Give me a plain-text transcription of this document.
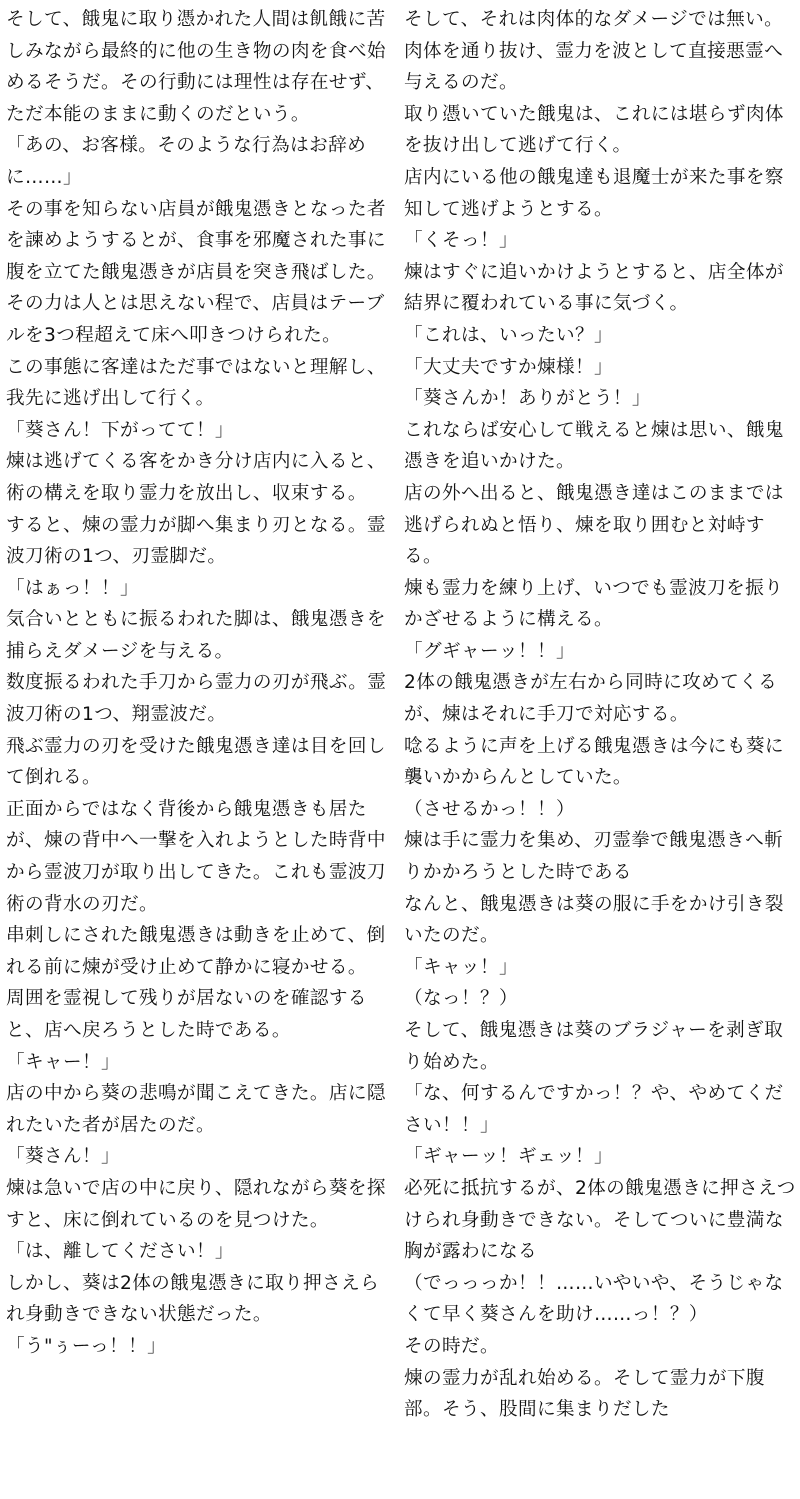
そして、餓鬼に取り憑かれた人間は飢餓に苦しみながら最終的に他の生き物の肉を食べ始めるそうだ。その行動には理性は存在せず、ただ本能のままに動くのだという。

「あの、お客様。そのような行為はお辞めに……」

その事を知らない店員が餓鬼憑きとなった者を諫めようするとが、食事を邪魔された事に腹を立てた餓鬼憑きが店員を突き飛ばした。

その力は人とは思えない程で、店員はテーブルを3つ程超えて床へ叩きつけられた。

この事態に客達はただ事ではないと理解し、我先に逃げ出して行く。

「葵さん！下がってて！」

煉は逃げてくる客をかき分け店内に入ると、術の構えを取り霊力を放出し、収束する。

すると、煉の霊力が脚へ集まり刃となる。霊波刀術の1つ、刃霊脚だ。

「はぁっ！！」

気合いとともに振るわれた脚は、餓鬼憑きを捕らえダメージを与える。

数度振るわれた手刀から霊力の刃が飛ぶ。霊波刀術の1つ、翔霊波だ。

飛ぶ霊力の刃を受けた餓鬼憑き達は目を回して倒れる。

正面からではなく背後から餓鬼憑きも居たが、煉の背中へ一撃を入れようとした時背中から霊波刀が取り出してきた。これも霊波刀術の背水の刃だ。

串刺しにされた餓鬼憑きは動きを止めて、倒れる前に煉が受け止めて静かに寝かせる。

周囲を霊視して残りが居ないのを確認すると、店へ戻ろうとした時である。

「キャー！」

店の中から葵の悲鳴が聞こえてきた。店に隠れたいた者が居たのだ。

「葵さん！」

煉は急いで店の中に戻り、隠れながら葵を探すと、床に倒れているのを見つけた。

「は、離してください！」

しかし、葵は2体の餓鬼憑きに取り押さえられ身動きできない状態だった。

「う"ぅーっ！！」

そして、それは肉体的なダメージでは無い。肉体を通り抜け、霊力を波として直接悪霊へ与えるのだ。

取り憑いていた餓鬼は、これには堪らず肉体を抜け出して逃げて行く。

店内にいる他の餓鬼達も退魔士が来た事を察知して逃げようとする。

「くそっ！」

煉はすぐに追いかけようとすると、店全体が結界に覆われている事に気づく。

「これは、いったい？」

「大丈夫ですか煉様！」

「葵さんか！ありがとう！」

これならば安心して戦えると煉は思い、餓鬼憑きを追いかけた。

店の外へ出ると、餓鬼憑き達はこのままでは逃げられぬと悟り、煉を取り囲むと対峙する。

煉も霊力を練り上げ、いつでも霊波刀を振りかざせるように構える。

「グギャーッ！！」

2体の餓鬼憑きが左右から同時に攻めてくるが、煉はそれに手刀で対応する。

唸るように声を上げる餓鬼憑きは今にも葵に襲いかからんとしていた。

（させるかっ！！）

煉は手に霊力を集め、刃霊拳で餓鬼憑きへ斬りかかろうとした時である

なんと、餓鬼憑きは葵の服に手をかけ引き裂いたのだ。

「キャッ！」

（なっ！？）

そして、餓鬼憑きは葵のブラジャーを剥ぎ取り始めた。

「な、何するんですかっ！？や、やめてください！！」

「ギャーッ！ギェッ！」

必死に抵抗するが、2体の餓鬼憑きに押さえつけられ身動きできない。そしてついに豊満な胸が露わになる

（でっっっか！！……いやいや、そうじゃなくて早く葵さんを助け……っ！？）

その時だ。

煉の霊力が乱れ始める。そして霊力が下腹部。そう、股間に集まりだした
